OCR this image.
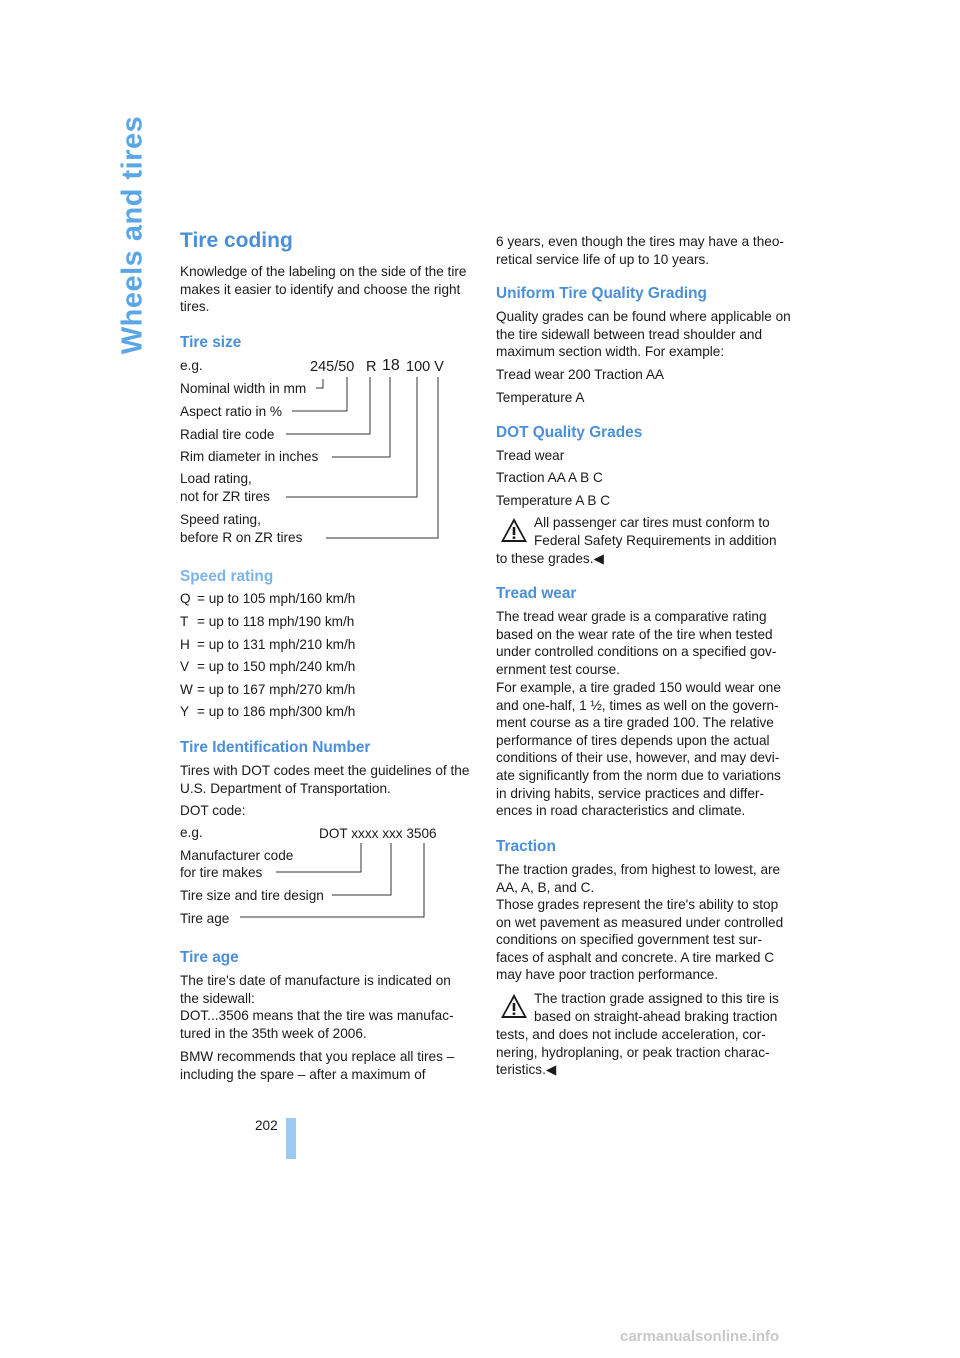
Wheels and tires Tire coding

Knowledge of the labeling on the side of the tire makes it easier to identify and choose the right tires.

Tire size
e.g.	245/50 R 18 100 V
Nominal width in mm
Aspect ratio in %
Radial tire code
Rim diameter in inches
Load rating,
not for ZR tires
Speed rating,
before R on ZR tires
Speed rating
Q = up to 105 mph/160 km/h
T = up to 118 mph/190 km/h
H = up to 131 mph/210 km/h
V = up to 150 mph/240 km/h
W = up to 167 mph/270 km/h
Y = up to 186 mph/300 km/h
Tire Identification Number

Tires with DOT codes meet the guidelines of the U.S. Department of Transportation.

DOT code:

e.g.	DOT xxxx xxx 3506
Manufacturer code
for tire makes
Tire size and tire design
Tire age
Tire age

The tire's date of manufacture is indicated on the sidewall:

DOT...3506 means that the tire was manufac-tured in the 35th week of 2006.

BMW recommends that you replace all tires – including the spare – after a maximum of

6 years, even though the tires may have a theo-retical service life of up to 10 years.

Uniform Tire Quality Grading

Quality grades can be found where applicable on the tire sidewall between tread shoulder and maximum section width. For example:

Tread wear 200 Traction AA

Temperature A

DOT Quality Grades

Tread wear

Traction AA A B C

Temperature A B C

All passenger car tires must conform to

Federal Safety Requirements in addition

to these grades.◀

Tread wear

The tread wear grade is a comparative rating based on the wear rate of the tire when tested under controlled conditions on a specified gov-ernment test course.

For example, a tire graded 150 would wear one and one-half, 1 ½, times as well on the govern-ment course as a tire graded 100. The relative performance of tires depends upon the actual conditions of their use, however, and may devi-ate significantly from the norm due to variations in driving habits, service practices and differ-ences in road characteristics and climate.

Traction

The traction grades, from highest to lowest, are AA, A, B, and C.

Those grades represent the tire's ability to stop on wet pavement as measured under controlled conditions on specified government test sur-faces of asphalt and concrete. A tire marked C may have poor traction performance.

The traction grade assigned to this tire is

based on straight-ahead braking traction

tests, and does not include acceleration, cor-nering, hydroplaning, or peak traction charac-teristics.◀

202
carmanualsonline.info
